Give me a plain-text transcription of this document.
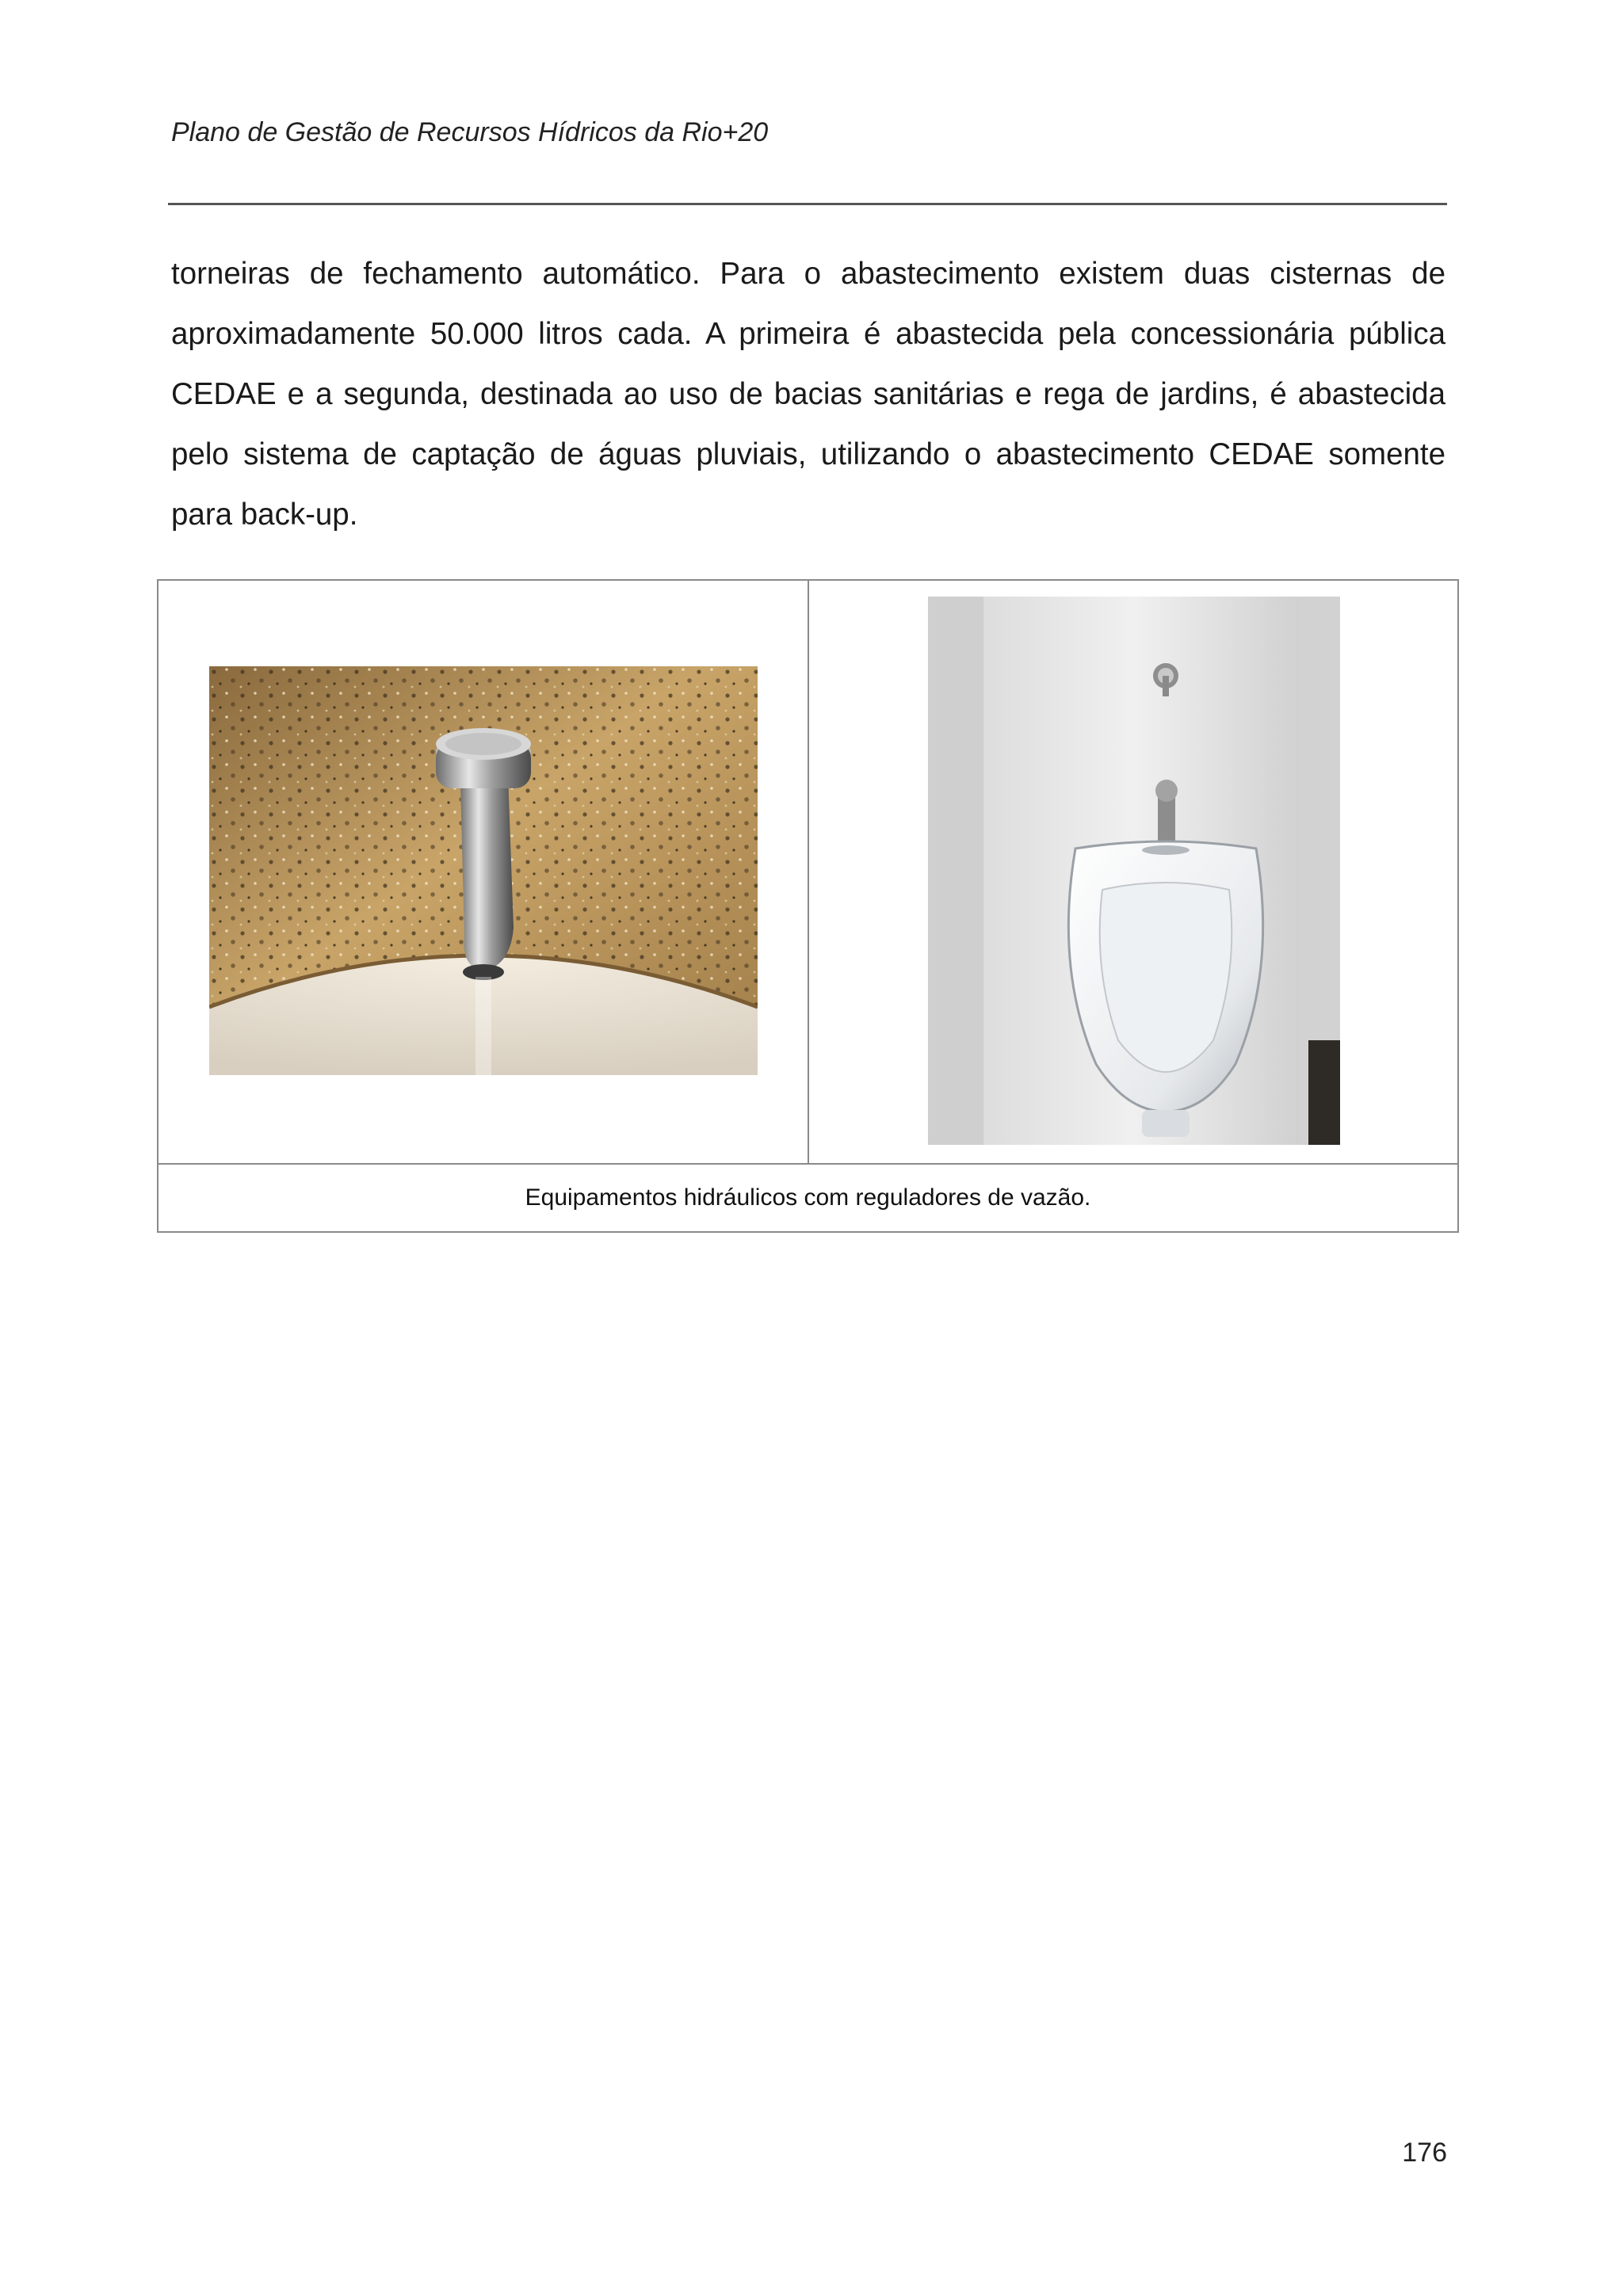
Plano de Gestão de Recursos Hídricos da Rio+20

torneiras de fechamento automático. Para o abastecimento existem duas cisternas de aproximadamente 50.000 litros cada. A primeira é abastecida pela concessionária pública CEDAE e a segunda, destinada ao uso de bacias sanitárias e rega de jardins, é abastecida pelo sistema de captação de águas pluviais, utilizando o abastecimento CEDAE somente para back-up.

Equipamentos hidráulicos com reguladores de vazão.
176
